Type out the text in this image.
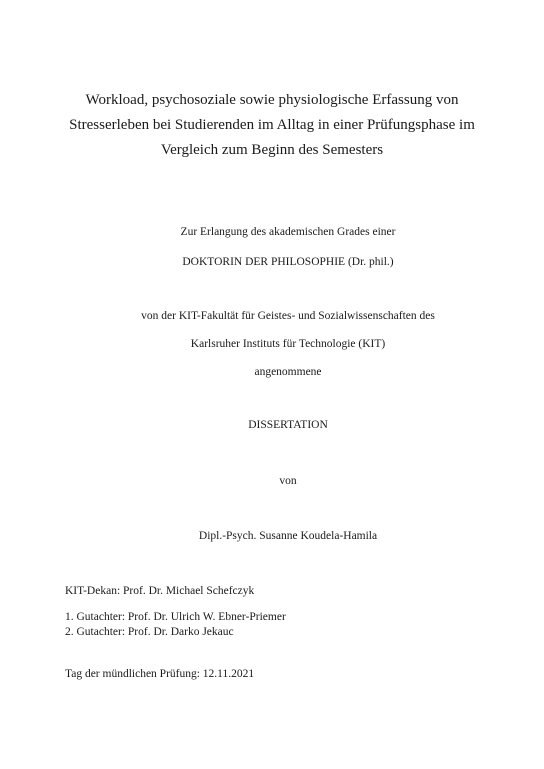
Workload, psychosoziale sowie physiologische Erfassung von
Stresserleben bei Studierenden im Alltag in einer Prüfungsphase im
Vergleich zum Beginn des Semesters
Zur Erlangung des akademischen Grades einer
DOKTORIN DER PHILOSOPHIE (Dr. phil.)
von der KIT-Fakultät für Geistes- und Sozialwissenschaften des
Karlsruher Instituts für Technologie (KIT)
angenommene
DISSERTATION
von
Dipl.-Psych. Susanne Koudela-Hamila
KIT-Dekan: Prof. Dr. Michael Schefczyk
1. Gutachter: Prof. Dr. Ulrich W. Ebner-Priemer
2. Gutachter: Prof. Dr. Darko Jekauc
Tag der mündlichen Prüfung: 12.11.2021
